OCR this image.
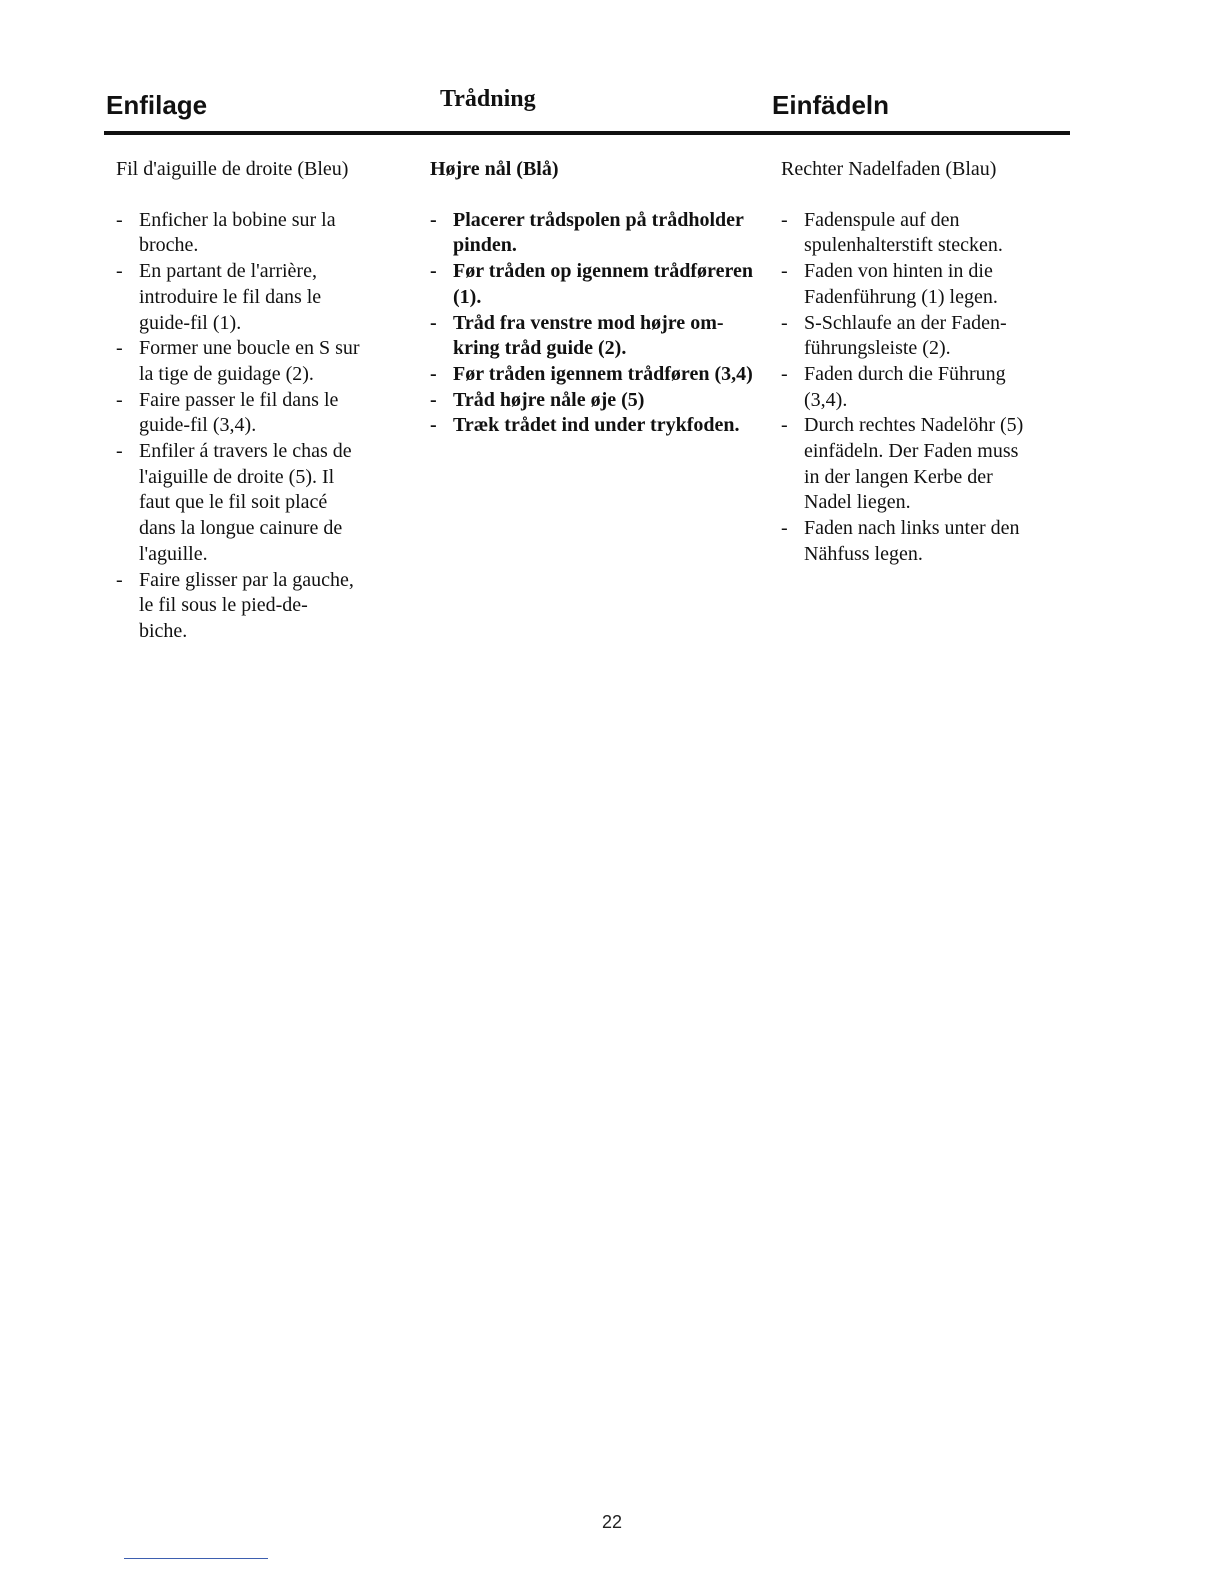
Enfilage	Trådning	Einfädeln

Fil d'aiguille de droite (Bleu)

- Enficher la bobine sur la
broche.
- En partant de l'arrière,
introduire le fil dans le
guide-fil (1).
- Former une boucle en S sur
la tige de guidage (2).
- Faire passer le fil dans le
guide-fil (3,4).
- Enfiler á travers le chas de
l'aiguille de droite (5). Il
faut que le fil soit placé
dans la longue cainure de
l'aguille.
- Faire glisser par la gauche,
le fil sous le pied-de-
biche.

Højre nål (Blå)

- Placerer trådspolen på trådholder
pinden.
- Før tråden op igennem trådføreren
(1).
- Tråd fra venstre mod højre om-
kring tråd guide (2).
- Før tråden igennem trådføren (3,4)
- Tråd højre nåle øje (5)
- Træk trådet ind under trykfoden.

Rechter Nadelfaden (Blau)

- Fadenspule auf den
spulenhalterstift stecken.
- Faden von hinten in die
Fadenführung (1) legen.
- S-Schlaufe an der Faden-
führungsleiste (2).
- Faden durch die Führung
(3,4).
- Durch rechtes Nadelöhr (5)
einfädeln. Der Faden muss
in der langen Kerbe der
Nadel liegen.
- Faden nach links unter den
Nähfuss legen.
22
